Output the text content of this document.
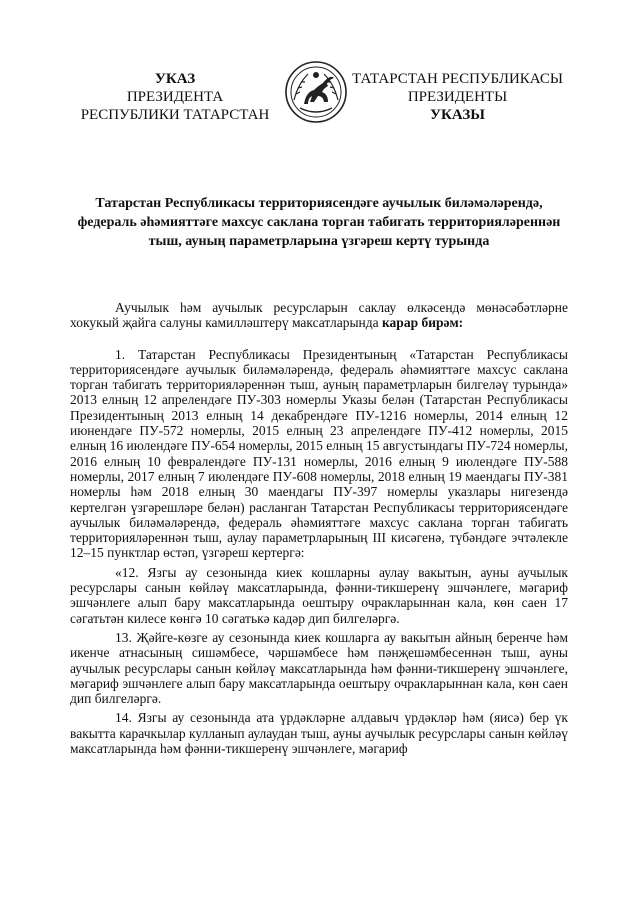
УКАЗ
ПРЕЗИДЕНТА
РЕСПУБЛИКИ ТАТАРСТАН
ТАТАРСТАН РЕСПУБЛИКАСЫ
ПРЕЗИДЕНТЫ
УКАЗЫ
Татарстан Республикасы территориясендәге аучылык биләмәләрендә, федераль әһәмияттәге махсус саклана торган табигать территорияләреннән тыш, ауның параметрларына үзгәреш кертү турында

Аучылык һәм аучылык ресурсларын саклау өлкәсендә мөнәсәбәтләрне хокукый җайга салуны камилләштерү максатларында карар бирәм:

1. Татарстан Республикасы Президентының «Татарстан Республикасы территориясендәге аучылык биләмәләрендә, федераль әһәмияттәге махсус саклана торган табигать территорияләреннән тыш, ауның параметрларын билгеләү турында» 2013 елның 12 апрелендәге ПУ-303 номерлы Указы белән (Татарстан Республикасы Президентының 2013 елның 14 декабрендәге ПУ-1216 номерлы, 2014 елның 12 июнендәге ПУ-572 номерлы, 2015 елның 23 апрелендәге ПУ-412 номерлы, 2015 елның 16 июлендәге ПУ-654 номерлы, 2015 елның 15 августындагы ПУ-724 номерлы, 2016 елның 10 февралендәге ПУ-131 номерлы, 2016 елның 9 июлендәге ПУ-588 номерлы, 2017 елның 7 июлендәге ПУ-608 номерлы, 2018 елның 19 маендагы ПУ-381 номерлы һәм 2018 елның 30 маендагы ПУ-397 номерлы указлары нигезендә кертелгән үзгәрешләре белән) расланган Татарстан Республикасы территориясендәге аучылык биләмәләрендә, федераль әһәмияттәге махсус саклана торган табигать территорияләреннән тыш, аулау параметрларының III кисәгенә, түбәндәге эчтәлекле 12–15 пунктлар өстәп, үзгәреш кертергә:

«12. Язгы ау сезонында киек кошларны аулау вакытын, ауны аучылык ресурслары санын көйләү максатларында, фәнни-тикшеренү эшчәнлеге, мәгариф эшчәнлеге алып бару максатларында оештыру очракларыннан кала, көн саен 17 сәгатьтән килесе көнгә 10 сәгатькә кадәр дип билгеләргә.

13. Җәйге-көзге ау сезонында киек кошларга ау вакытын айның беренче һәм икенче атнасының сишәмбесе, чәршәмбесе һәм пәнҗешәмбесеннән тыш, ауны аучылык ресурслары санын көйләү максатларында һәм фәнни-тикшеренү эшчәнлеге, мәгариф эшчәнлеге алып бару максатларында оештыру очракларыннан кала, көн саен дип билгеләргә.

14. Язгы ау сезонында ата үрдәкләрне алдавыч үрдәкләр һәм (яисә) бер үк вакытта карачкылар кулланып аулаудан тыш, ауны аучылык ресурслары санын көйләү максатларында һәм фәнни-тикшеренү эшчәнлеге, мәгариф
